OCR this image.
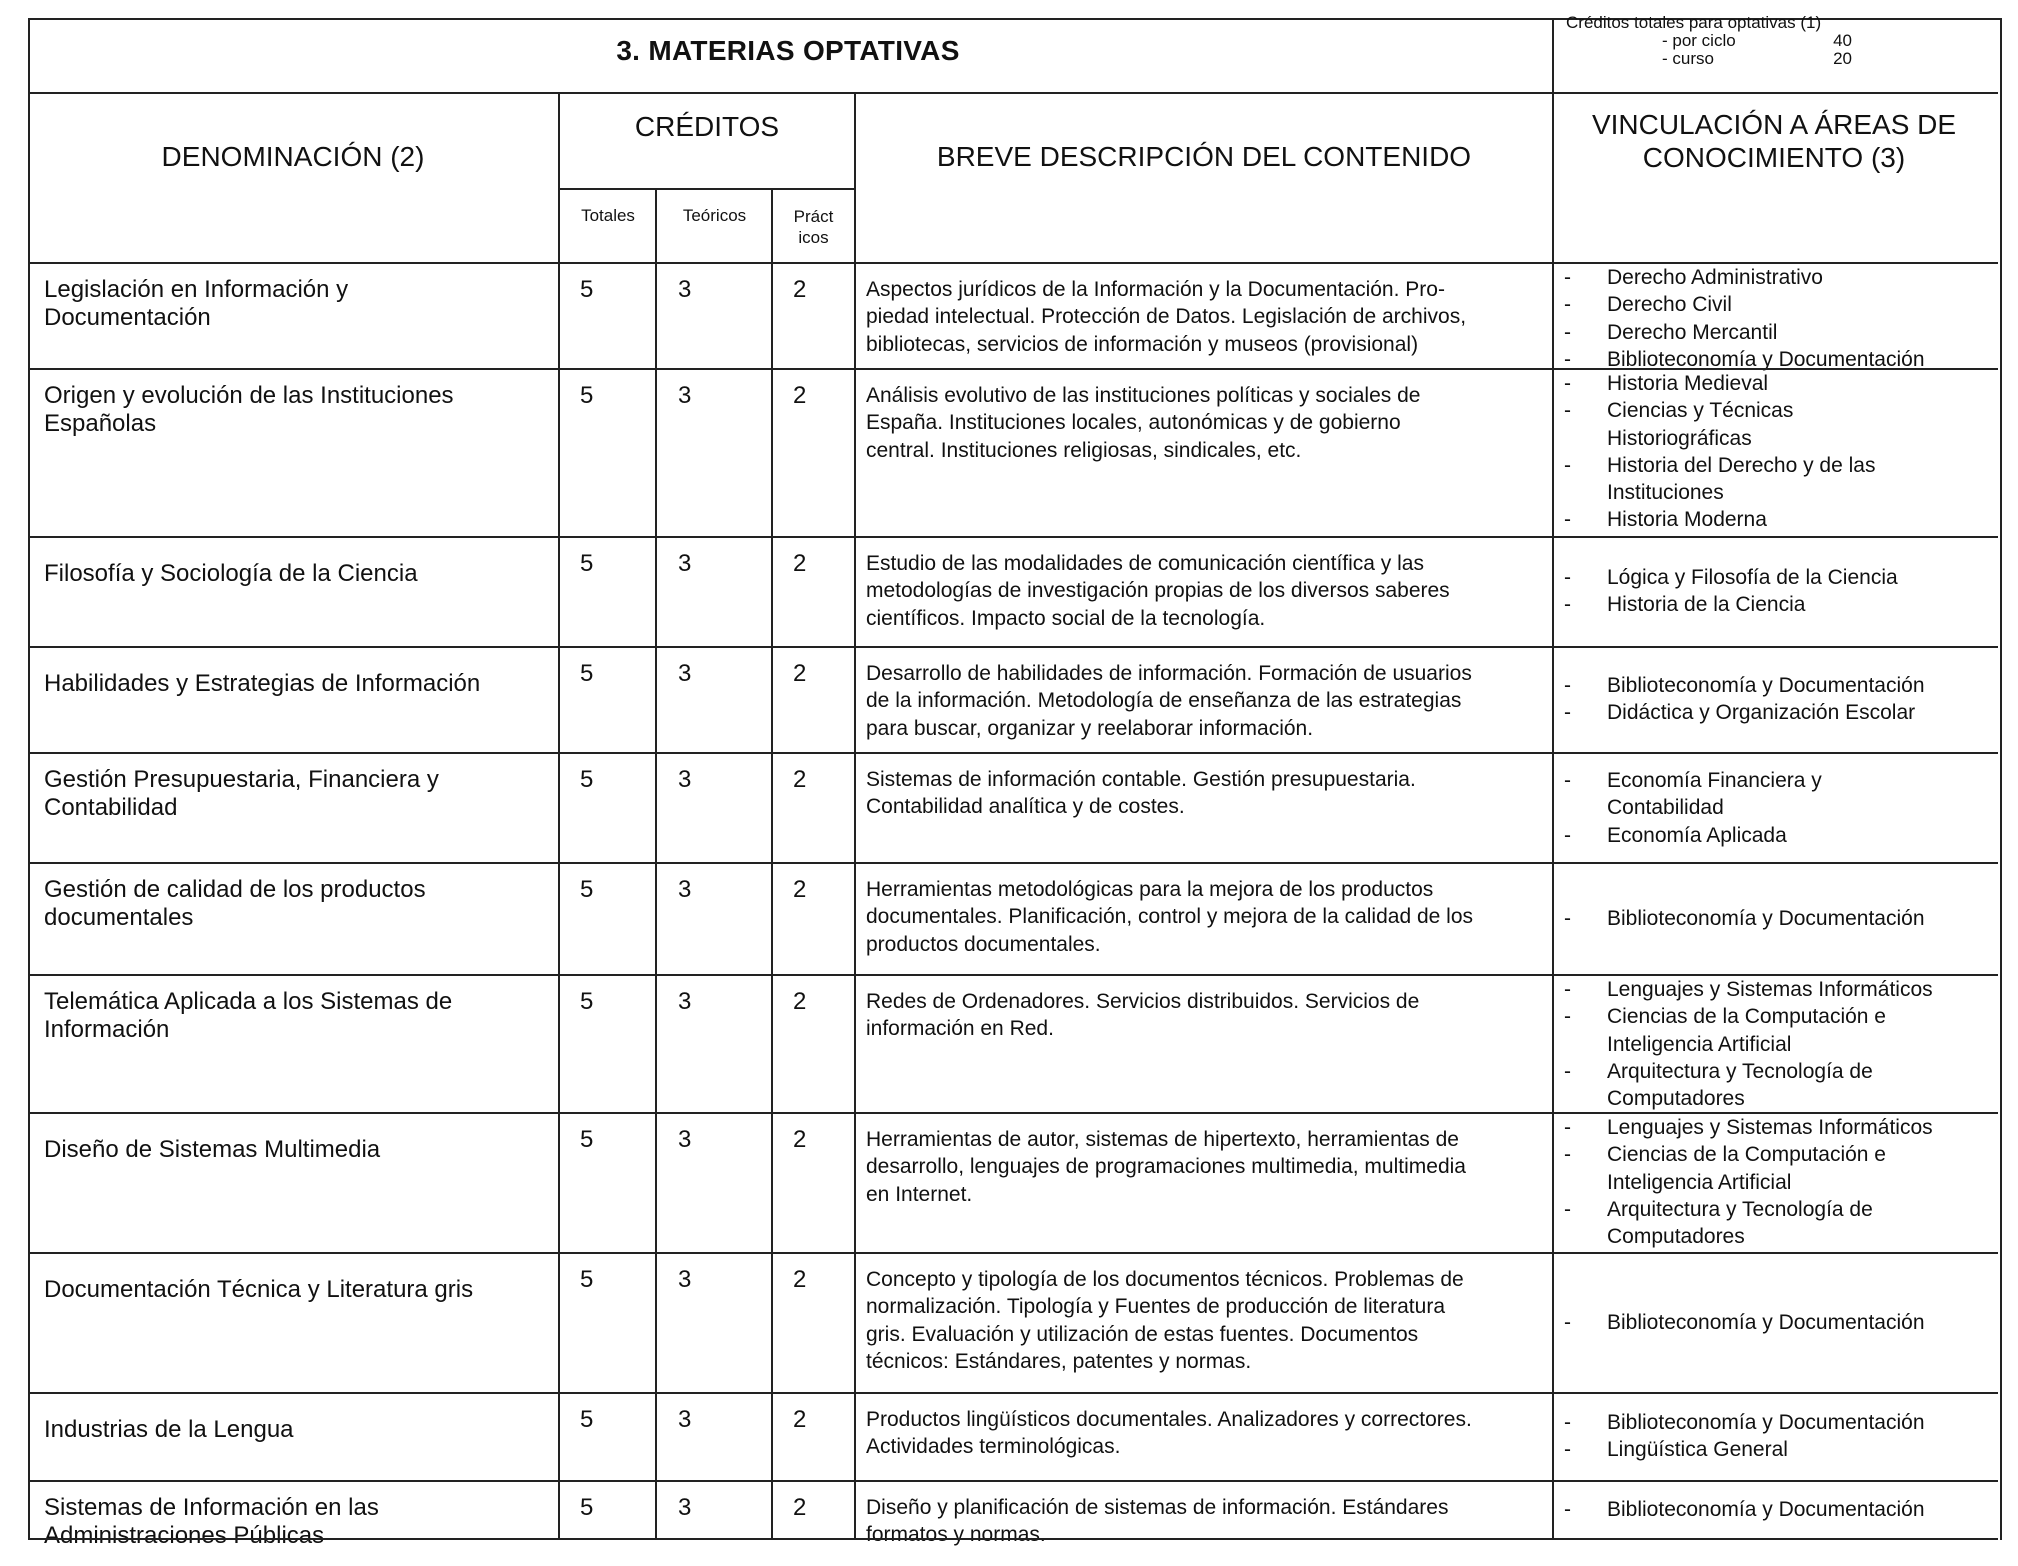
3. MATERIAS OPTATIVAS
Créditos totales para optativas (1)
- por ciclo	40
- curso	20
DENOMINACIÓN (2)
CRÉDITOS
Totales	Teóricos	Práct
icos
BREVE DESCRIPCIÓN DEL CONTENIDO
VINCULACIÓN A ÁREAS DE
CONOCIMIENTO (3)
Legislación en Información y
Documentación
5	3	2	Aspectos jurídicos de la Información y la Documentación. Pro-
piedad intelectual. Protección de Datos. Legislación de archivos,
bibliotecas, servicios de información y museos (provisional)
-	Derecho Administrativo
-	Derecho Civil
-	Derecho Mercantil
-	Biblioteconomía y Documentación
Origen y evolución de las Instituciones
Españolas
5	3	2	Análisis evolutivo de las instituciones políticas y sociales de
España. Instituciones locales, autonómicas y de gobierno
central. Instituciones religiosas, sindicales, etc.
-	Historia Medieval
-	Ciencias y Técnicas
Historiográficas
-	Historia del Derecho y de las
Instituciones
-	Historia Moderna
Filosofía y Sociología de la Ciencia	5	3	2	Estudio de las modalidades de comunicación científica y las
metodologías de investigación propias de los diversos saberes
científicos. Impacto social de la tecnología.
-	Lógica y Filosofía de la Ciencia
-	Historia de la Ciencia
Habilidades y Estrategias de Información	5	3	2	Desarrollo de habilidades de información. Formación de usuarios
de la información. Metodología de enseñanza de las estrategias
para buscar, organizar y reelaborar información.
-	Biblioteconomía y Documentación
-	Didáctica y Organización Escolar
Gestión Presupuestaria, Financiera y
Contabilidad
5	3	2	Sistemas de información contable. Gestión presupuestaria.
Contabilidad analítica y de costes.
-	Economía Financiera y
Contabilidad
-	Economía Aplicada
Gestión de calidad de los productos
documentales
5	3	2	Herramientas metodológicas para la mejora de los productos
documentales. Planificación, control y mejora de la calidad de los
productos documentales.
-	Biblioteconomía y Documentación
Telemática Aplicada a los Sistemas de
Información
5	3	2	Redes de Ordenadores. Servicios distribuidos. Servicios de
información en Red.
-	Lenguajes y Sistemas Informáticos
-	Ciencias de la Computación e
Inteligencia Artificial
-	Arquitectura y Tecnología de
Computadores
Diseño de Sistemas Multimedia	5	3	2	Herramientas de autor, sistemas de hipertexto, herramientas de
desarrollo, lenguajes de programaciones multimedia, multimedia
en Internet.
-	Lenguajes y Sistemas Informáticos
-	Ciencias de la Computación e
Inteligencia Artificial
-	Arquitectura y Tecnología de
Computadores
Documentación Técnica y Literatura gris	5	3	2	Concepto y tipología de los documentos técnicos. Problemas de
normalización. Tipología y Fuentes de producción de literatura
gris. Evaluación y utilización de estas fuentes. Documentos
técnicos: Estándares, patentes y normas.
-	Biblioteconomía y Documentación
Industrias de la Lengua	5	3	2	Productos lingüísticos documentales. Analizadores y correctores.
Actividades terminológicas.
-	Biblioteconomía y Documentación
-	Lingüística General
Sistemas de Información en las
Administraciones Públicas
5	3	2	Diseño y planificación de sistemas de información. Estándares
formatos y normas.
-	Biblioteconomía y Documentación
